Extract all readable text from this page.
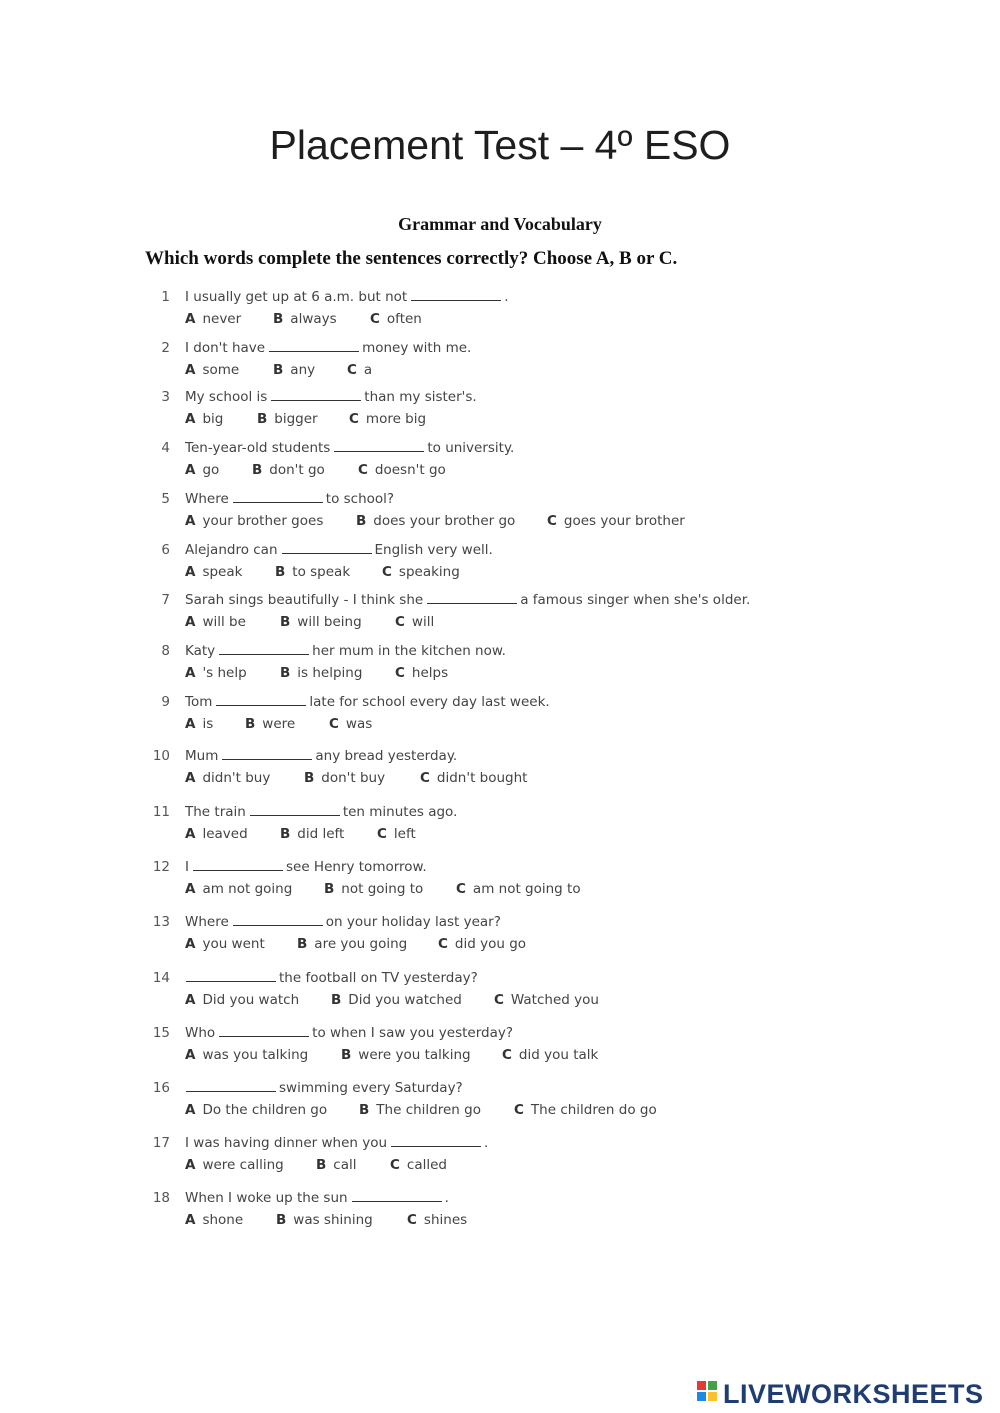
Placement Test – 4º ESO
Grammar and Vocabulary
Which words complete the sentences correctly? Choose A, B or C.
1 I usually get up at 6 a.m. but not	.
A never B always C often
2 I don't have	money with me.
A some	B any C a
3 My school is	than my sister's.
A big B bigger C more big
4 Ten-year-old students	to university.
A go B don't go C doesn't go
5 Where	to school?
A your brother goes B does your brother go C goes your brother
6 Alejandro can	English very well.
A speak B to speak C speaking
7 Sarah sings beautifully - I think she	a famous singer when she's older.
A will be	B will being C will
8 Katy	her mum in the kitchen now.
A 's help B is helping C helps
9 Tom	late for school every day last week.
A is B were	C was
10 Mum	any bread yesterday.
A didn't buy B don't buy	C didn't bought
11 The train	ten minutes ago.
A leaved B did left C left
12 I	see Henry tomorrow.
A am not going B not going to C am not going to
13 Where	on your holiday last year?
A you went B are you going C did you go
14	the football on TV yesterday?
A Did you watch B Did you watched C Watched you
15 Who	to when I saw you yesterday?
A was you talking B were you talking C did you talk
16	swimming every Saturday?
A Do the children go B The children go C The children do go
17 I was having dinner when you	.
A were calling B call C called
18 When I woke up the sun	.
A shone B was shining	C shines
LIVEWORKSHEETS
